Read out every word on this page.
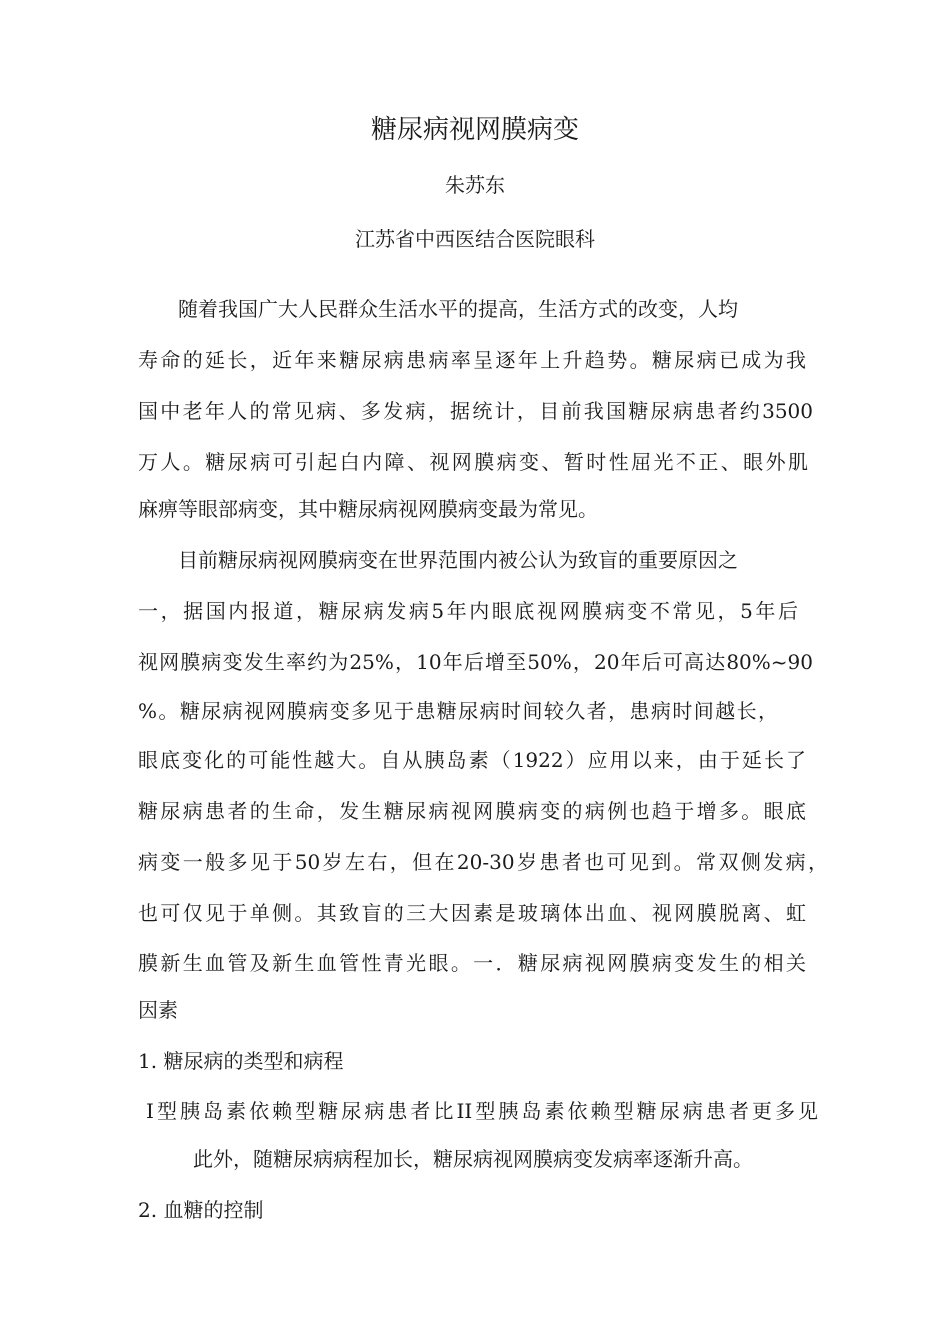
糖尿病视网膜病变
朱苏东
江苏省中西医结合医院眼科
随着我国广大人民群众生活水平的提高，生活方式的改变，人均
寿命的延长，近年来糖尿病患病率呈逐年上升趋势。糖尿病已成为我
国中老年人的常见病、多发病，据统计，目前我国糖尿病患者约3500
万人。糖尿病可引起白内障、视网膜病变、暂时性屈光不正、眼外肌
麻痹等眼部病变，其中糖尿病视网膜病变最为常见。
目前糖尿病视网膜病变在世界范围内被公认为致盲的重要原因之
一，据国内报道，糖尿病发病5年内眼底视网膜病变不常见，5年后
视网膜病变发生率约为25%，10年后增至50%，20年后可高达80%~90
%。糖尿病视网膜病变多见于患糖尿病时间较久者，患病时间越长，
眼底变化的可能性越大。自从胰岛素（1922）应用以来，由于延长了
糖尿病患者的生命，发生糖尿病视网膜病变的病例也趋于增多。眼底
病变一般多见于50岁左右，但在20-30岁患者也可见到。常双侧发病，
也可仅见于单侧。其致盲的三大因素是玻璃体出血、视网膜脱离、虹
膜新生血管及新生血管性青光眼。一．糖尿病视网膜病变发生的相关
因素
1. 糖尿病的类型和病程
I型胰岛素依赖型糖尿病患者比II型胰岛素依赖型糖尿病患者更多见
此外，随糖尿病病程加长，糖尿病视网膜病变发病率逐渐升高。
2. 血糖的控制
